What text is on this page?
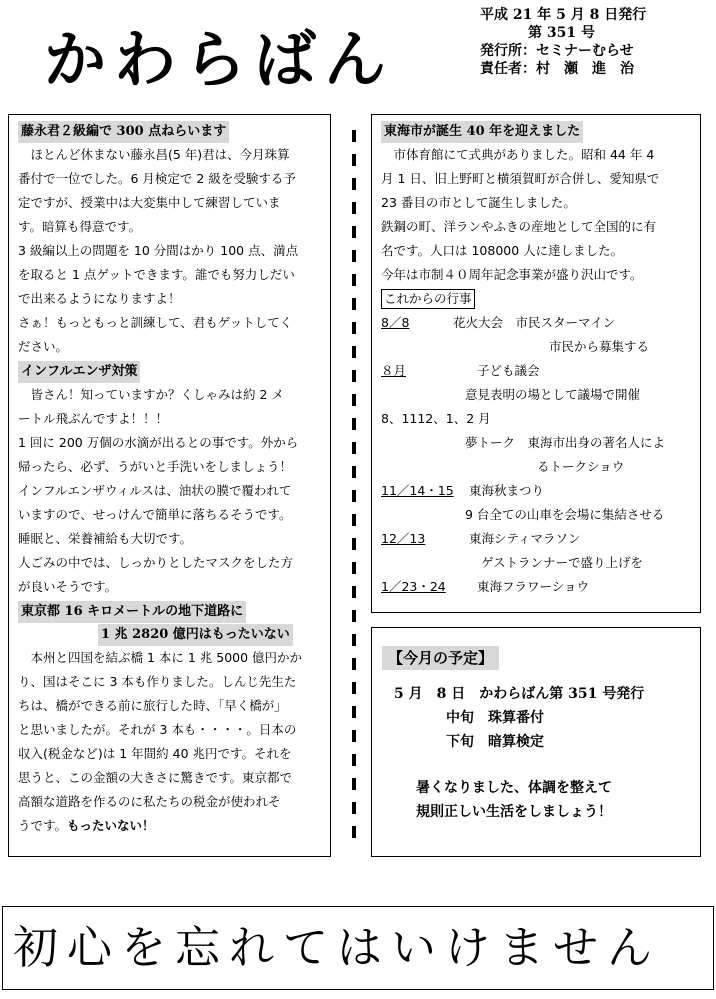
かわらばん
平成 21 年 5 月 8 日発行
第 351 号
発行所：セミナーむらせ
責任者：村　瀬　進　治
藤永君２級編で 300 点ねらいます

ほとんど休まない藤永昌(5 年)君は、今月珠算

番付で一位でした。6 月検定で 2 級を受験する予

定ですが、授業中は大変集中して練習していま

す。暗算も得意です。

3 級編以上の問題を 10 分間はかり 100 点、満点

を取ると 1 点ゲットできます。誰でも努力しだい

で出来るようになりますよ！

さぁ！もっともっと訓練して、君もゲットしてく

ださい。

インフルエンザ対策

皆さん！知っていますか？くしゃみは約 2 メ

ートル飛ぶんですよ！！！

1 回に 200 万個の水滴が出るとの事です。外から

帰ったら、必ず、うがいと手洗いをしましょう！

インフルエンザウィルスは、油状の膜で覆われて

いますので、せっけんで簡単に落ちるそうです。

睡眠と、栄養補給も大切です。

人ごみの中では、しっかりとしたマスクをした方

が良いそうです。

東京都 16 キロメートルの地下道路に
1 兆 2820 億円はもったいない

本州と四国を結ぶ橋 1 本に 1 兆 5000 億円かか

り、国はそこに 3 本も作りました。しんじ先生た

ちは、橋ができる前に旅行した時、「早く橋が」

と思いましたが。それが 3 本も・・・・。日本の

収入(税金など)は 1 年間約 40 兆円です。それを

思うと、この金額の大きさに驚きです。東京都で

高額な道路を作るのに私たちの税金が使われそ

うです。もったいない！

東海市が誕生 40 年を迎えました

市体育館にて式典がありました。昭和 44 年 4

月 1 日、旧上野町と横須賀町が合併し、愛知県で

23 番目の市として誕生しました。

鉄鋼の町、洋ランやふきの産地として全国的に有

名です。人口は 108000 人に達しました。

今年は市制４０周年記念事業が盛り沢山です。

これからの行事
8／8	花火大会　市民スターマイン
市民から募集する
８月	子ども議会
意見表明の場として議場で開催
8、1112、1、2 月
夢トーク　東海市出身の著名人によ
るトークショウ
11／14・15 東海秋まつり
9 台全ての山車を会場に集結させる
12／13	東海シティマラソン
ゲストランナーで盛り上げを
1／23・24 東海フラワーショウ
5 月　8 日　かわらばん第 351 号発行
中旬　珠算番付
下旬　暗算検定
暑くなりました、体調を整えて
規則正しい生活をしましょう！
【今月の予定】
初心を忘れてはいけません
